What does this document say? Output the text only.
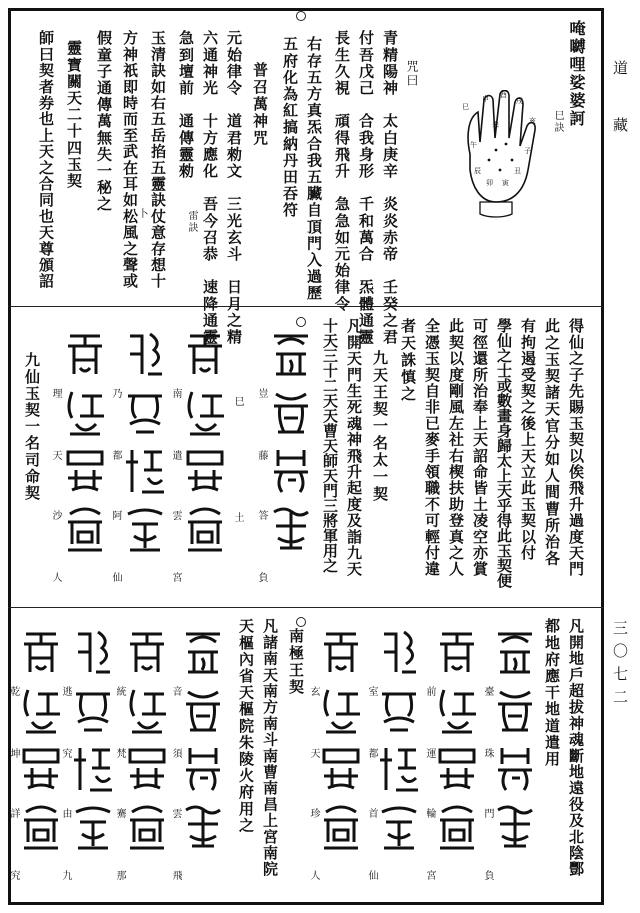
道藏
三〇七二
唵嚩哩娑婆訶
巳訣
巳
申 酉
戌
亥
子
丑
寅
卯
辰
午
未
咒曰
青精陽神　太白庚辛　炎炎赤帝　壬癸之君
付吾戊己　合我身形　千和萬合　炁體通靈
長生久視　頑得飛升　急急如元始律令
右存五方真炁合我五臟自頂門入過歷
五府化為紅搞納丹田吞符
普召萬神咒
元始律令　道君勑文　三光玄斗　日月之精
六通神光　十方應化　吾今召恭　速降通靈
急到壇前　通傳靈勑
雷訣
玉清訣如右五岳掐五靈訣仗意存想十
卜
方神祇即時而至武在耳如松風之聲或
假童子通傳萬無失一秘之
靈寶關天二十四玉契
師曰契者券也上天之合同也天尊頒詔
得仙之子先賜玉契以俟飛升過度天門
此之玉契諸天官分如人間曹所治各
有拘遏受契之後上天立此玉契以付
學仙之士或數畫身歸太上天乎得此玉契便
可徑還所治奉上天詔命皆土凌空亦賞
此契以度剛風左社右楔扶助登真之人
全憑玉契自非已麥手領職不可輕付違
者天誅慎之
九天王契一名太一契
凡開天門生死魂神飛升起度及詣九天
十天三十二天天曹天師天門三將軍用之
豈
藤
答
負
南
遣
雲
宮
都
阿
仙
理
天
沙
人
乃
巳
土
九仙玉契一名司命契
凡開地戶超拔神魂斷地遠役及北陰酆
都地府應干地道遣用
南極王契
凡諸南天南方南斗南曹南昌上宮南院
天樞內省天樞院朱陵火府用之	臺
珠
門
負
前
運
輪
宮
室
都
首
仙
玄
天
珍
人
音
須
雲
飛
統
梵
騫
那
逃
究
由
九
乾
坤
詳
究
